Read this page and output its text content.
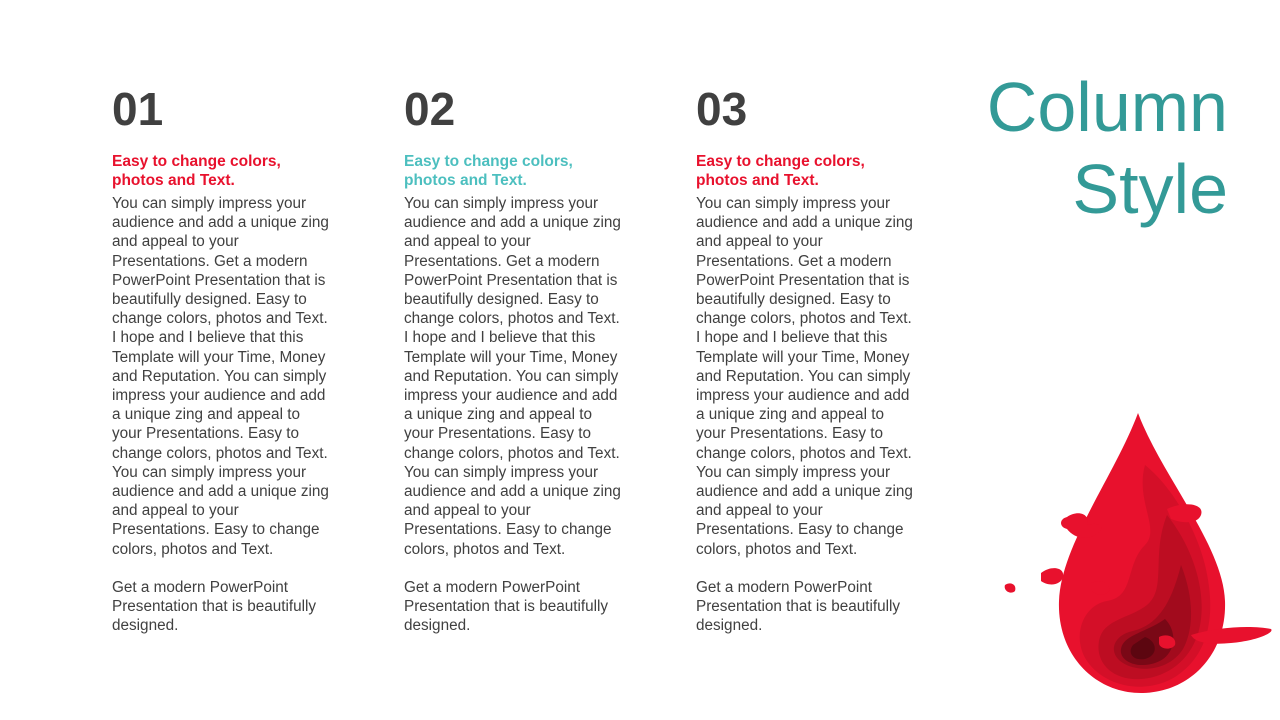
01
Easy to change colors,
photos and Text.
You can simply impress your
audience and add a unique zing
and appeal to your
Presentations. Get a modern
PowerPoint Presentation that is
beautifully designed. Easy to
change colors, photos and Text.
I hope and I believe that this
Template will your Time, Money
and Reputation. You can simply
impress your audience and add
a unique zing and appeal to
your Presentations. Easy to
change colors, photos and Text.
You can simply impress your
audience and add a unique zing
and appeal to your
Presentations. Easy to change
colors, photos and Text.
Get a modern PowerPoint
Presentation that is beautifully
designed.
02
Easy to change colors,
photos and Text.
You can simply impress your
audience and add a unique zing
and appeal to your
Presentations. Get a modern
PowerPoint Presentation that is
beautifully designed. Easy to
change colors, photos and Text.
I hope and I believe that this
Template will your Time, Money
and Reputation. You can simply
impress your audience and add
a unique zing and appeal to
your Presentations. Easy to
change colors, photos and Text.
You can simply impress your
audience and add a unique zing
and appeal to your
Presentations. Easy to change
colors, photos and Text.
Get a modern PowerPoint
Presentation that is beautifully
designed.
03
Easy to change colors,
photos and Text.
You can simply impress your
audience and add a unique zing
and appeal to your
Presentations. Get a modern
PowerPoint Presentation that is
beautifully designed. Easy to
change colors, photos and Text.
I hope and I believe that this
Template will your Time, Money
and Reputation. You can simply
impress your audience and add
a unique zing and appeal to
your Presentations. Easy to
change colors, photos and Text.
You can simply impress your
audience and add a unique zing
and appeal to your
Presentations. Easy to change
colors, photos and Text.
Get a modern PowerPoint
Presentation that is beautifully
designed.
Column
Style
